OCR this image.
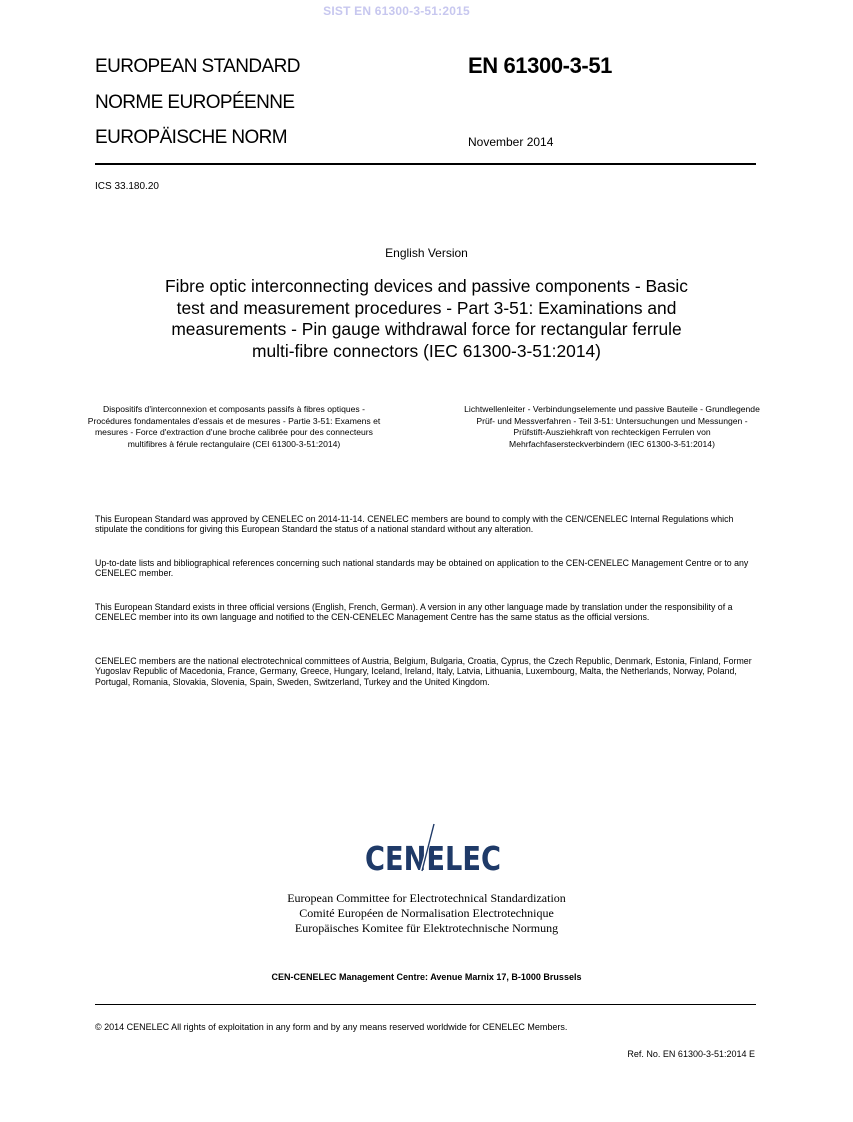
SIST EN 61300-3-51:2015
EUROPEAN STANDARD
NORME EUROPÉENNE
EUROPÄISCHE NORM
EN 61300-3-51
November 2014
ICS 33.180.20
English Version
Fibre optic interconnecting devices and passive components - Basic test and measurement procedures - Part 3-51: Examinations and measurements - Pin gauge withdrawal force for rectangular ferrule multi-fibre connectors (IEC 61300-3-51:2014)
Dispositifs d'interconnexion et composants passifs à fibres optiques - Procédures fondamentales d'essais et de mesures - Partie 3-51: Examens et mesures - Force d'extraction d'une broche calibrée pour des connecteurs multifibres à férule rectangulaire (CEI 61300-3-51:2014)
Lichtwellenleiter - Verbindungselemente und passive Bauteile - Grundlegende Prüf- und Messverfahren - Teil 3-51: Untersuchungen und Messungen - Prüfstift-Ausziehkraft von rechteckigen Ferrulen von Mehrfachfasersteckverbindern (IEC 61300-3-51:2014)
This European Standard was approved by CENELEC on 2014-11-14. CENELEC members are bound to comply with the CEN/CENELEC Internal Regulations which stipulate the conditions for giving this European Standard the status of a national standard without any alteration.
Up-to-date lists and bibliographical references concerning such national standards may be obtained on application to the CEN-CENELEC Management Centre or to any CENELEC member.
This European Standard exists in three official versions (English, French, German). A version in any other language made by translation under the responsibility of a CENELEC member into its own language and notified to the CEN-CENELEC Management Centre has the same status as the official versions.
CENELEC members are the national electrotechnical committees of Austria, Belgium, Bulgaria, Croatia, Cyprus, the Czech Republic, Denmark, Estonia, Finland, Former Yugoslav Republic of Macedonia, France, Germany, Greece, Hungary, Iceland, Ireland, Italy, Latvia, Lithuania, Luxembourg, Malta, the Netherlands, Norway, Poland, Portugal, Romania, Slovakia, Slovenia, Spain, Sweden, Switzerland, Turkey and the United Kingdom.
CENELEC
European Committee for Electrotechnical Standardization
Comité Européen de Normalisation Electrotechnique
Europäisches Komitee für Elektrotechnische Normung
CEN-CENELEC Management Centre: Avenue Marnix 17, B-1000 Brussels
© 2014 CENELEC All rights of exploitation in any form and by any means reserved worldwide for CENELEC Members.
Ref. No. EN 61300-3-51:2014 E
